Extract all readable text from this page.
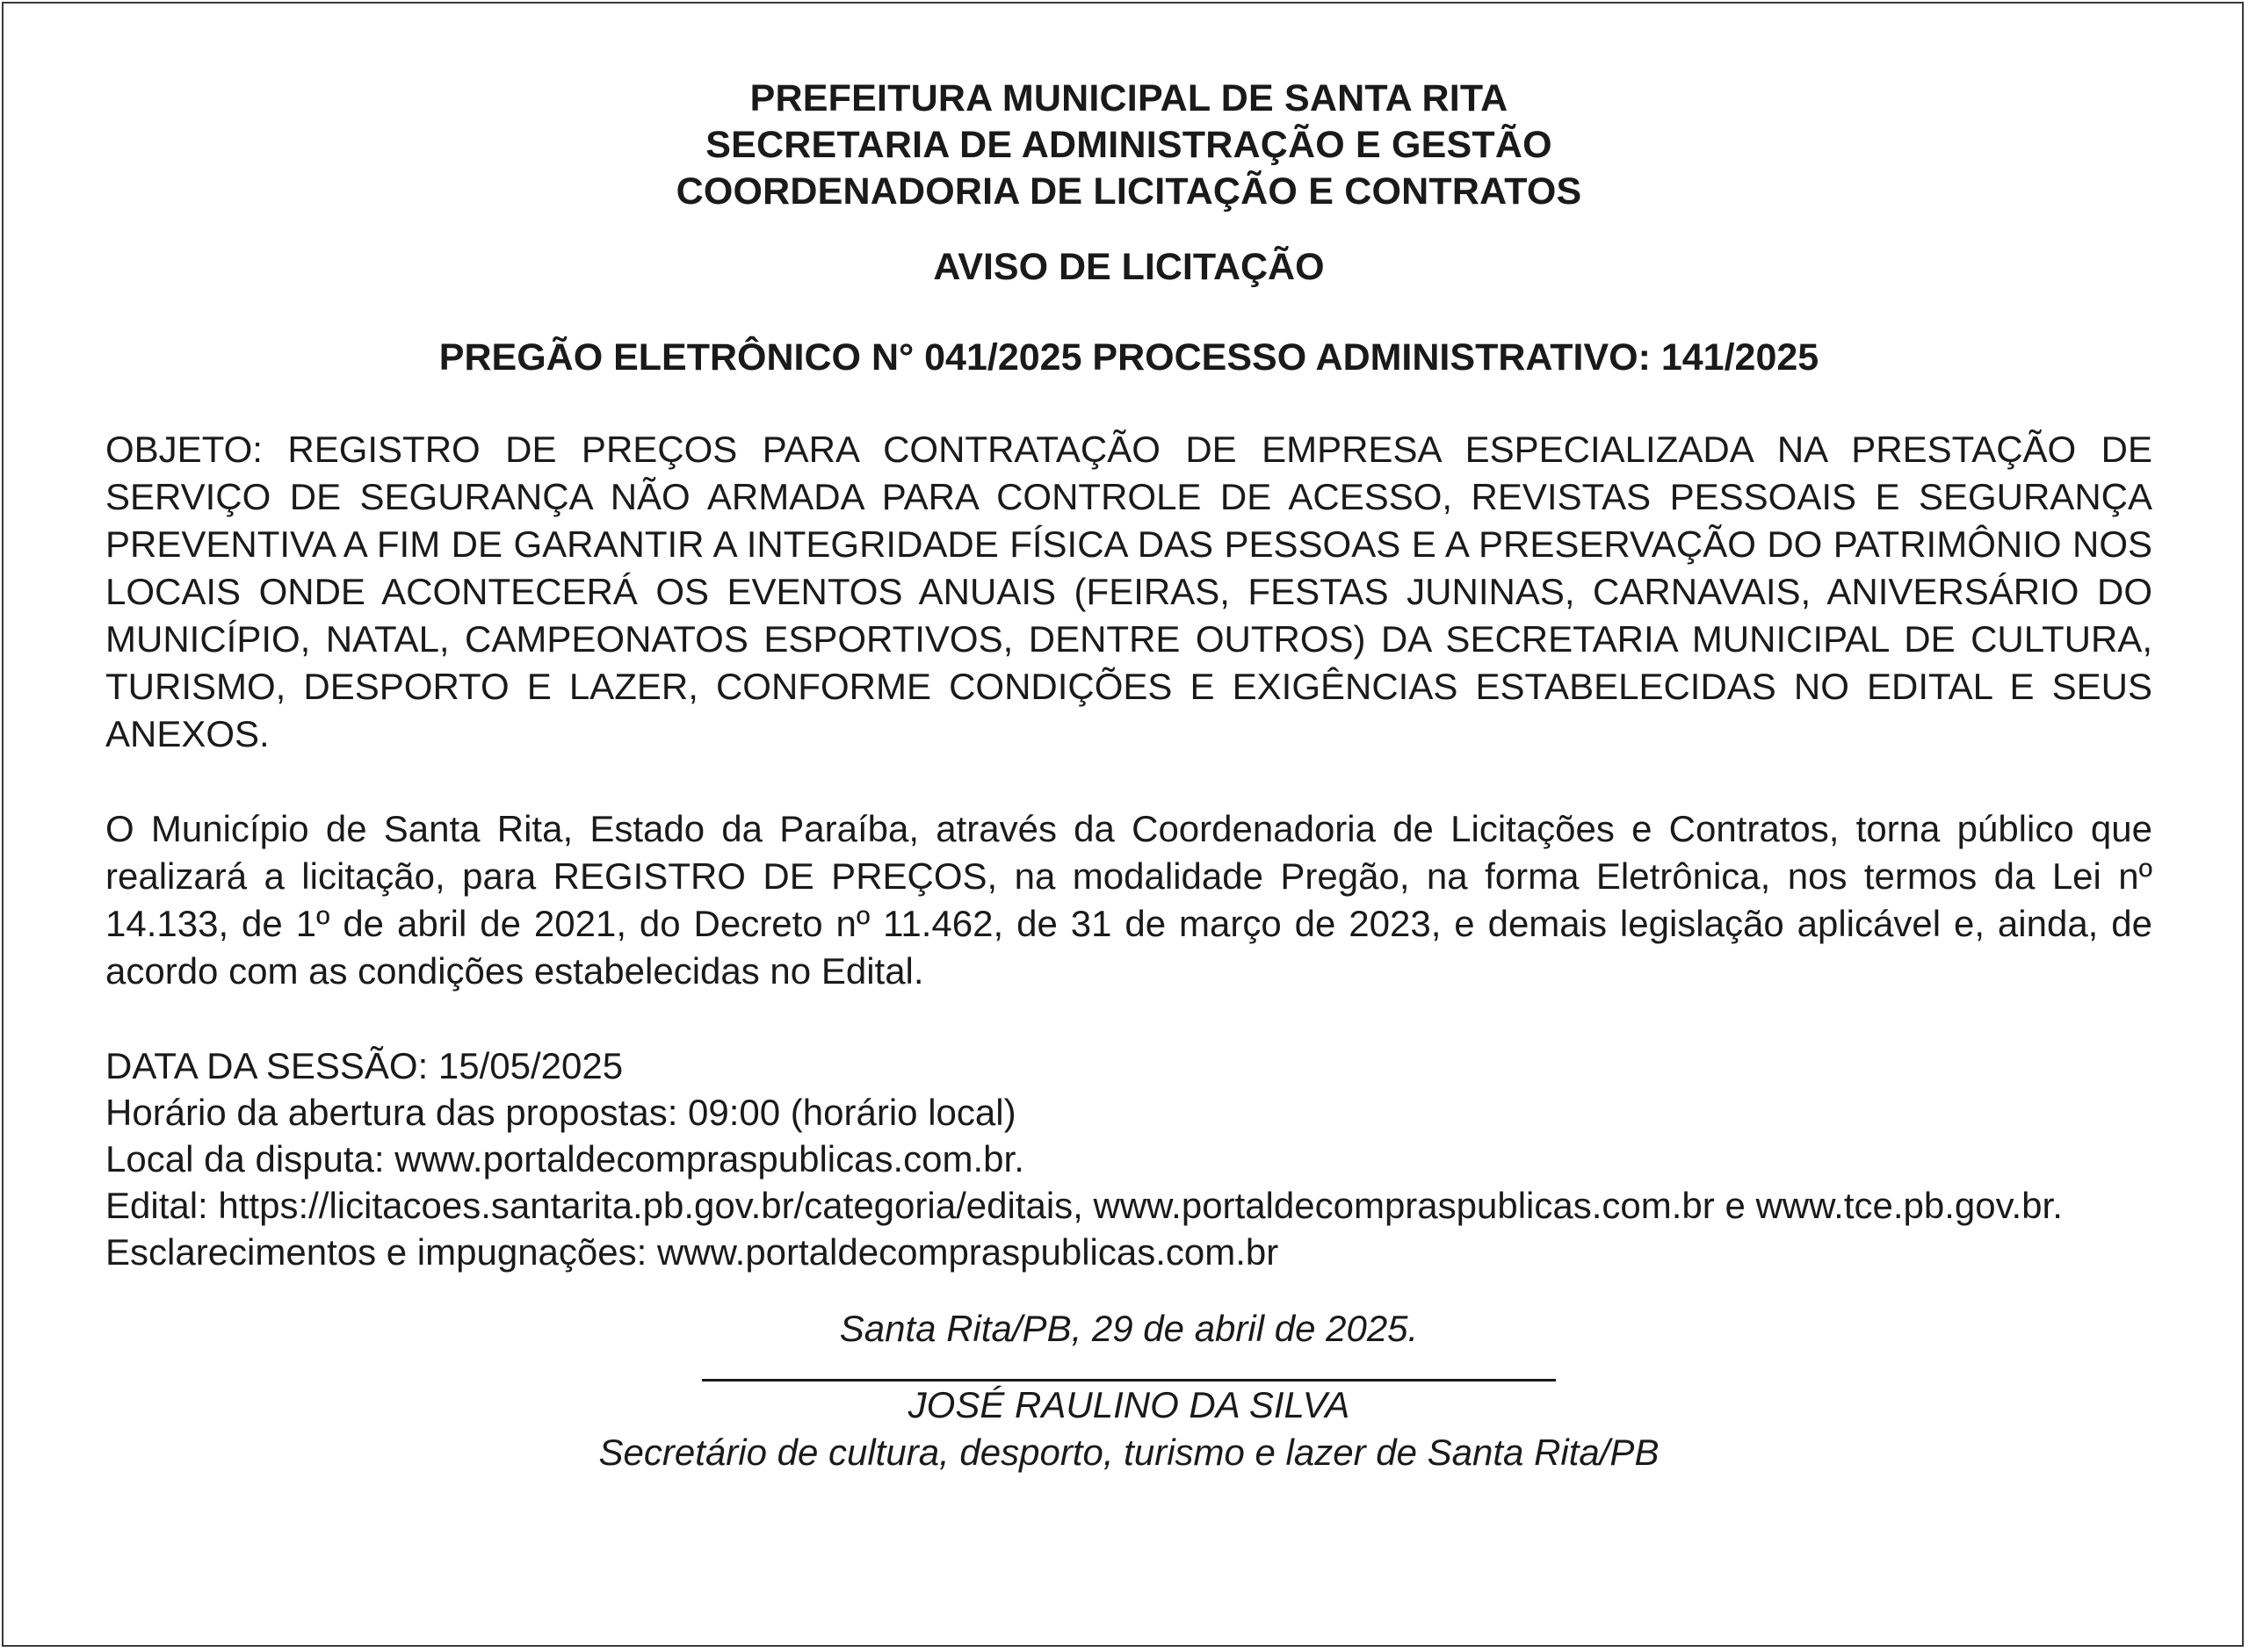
PREFEITURA MUNICIPAL DE SANTA RITA
SECRETARIA DE ADMINISTRAÇÃO E GESTÃO
COORDENADORIA DE LICITAÇÃO E CONTRATOS
AVISO DE LICITAÇÃO
PREGÃO ELETRÔNICO N° 041/2025 PROCESSO ADMINISTRATIVO: 141/2025
OBJETO: REGISTRO DE PREÇOS PARA CONTRATAÇÃO DE EMPRESA ESPECIALIZADA NA PRESTAÇÃO DE SERVIÇO DE SEGURANÇA NÃO ARMADA PARA CONTROLE DE ACESSO, REVISTAS PESSOAIS E SEGURANÇA PREVENTIVA A FIM DE GARANTIR A INTEGRIDADE FÍSICA DAS PESSOAS E A PRESERVAÇÃO DO PATRIMÔNIO NOS LOCAIS ONDE ACONTECERÁ OS EVENTOS ANUAIS (FEIRAS, FESTAS JUNINAS, CARNAVAIS, ANIVERSÁRIO DO MUNICÍPIO, NATAL, CAMPEONATOS ESPORTIVOS, DENTRE OUTROS) DA SECRETARIA MUNICIPAL DE CULTURA, TURISMO, DESPORTO E LAZER, CONFORME CONDIÇÕES E EXIGÊNCIAS ESTABELECIDAS NO EDITAL E SEUS ANEXOS.
O Município de Santa Rita, Estado da Paraíba, através da Coordenadoria de Licitações e Contratos, torna público que realizará a licitação, para REGISTRO DE PREÇOS, na modalidade Pregão, na forma Eletrônica, nos termos da Lei nº 14.133, de 1º de abril de 2021, do Decreto nº 11.462, de 31 de março de 2023, e demais legislação aplicável e, ainda, de acordo com as condições estabelecidas no Edital.
DATA DA SESSÃO: 15/05/2025
Horário da abertura das propostas: 09:00 (horário local)
Local da disputa: www.portaldecompraspublicas.com.br.
Edital: https://licitacoes.santarita.pb.gov.br/categoria/editais, www.portaldecompraspublicas.com.br e www.tce.pb.gov.br.
Esclarecimentos e impugnações: www.portaldecompraspublicas.com.br
Santa Rita/PB, 29 de abril de 2025.
JOSÉ RAULINO DA SILVA
Secretário de cultura, desporto, turismo e lazer de Santa Rita/PB
